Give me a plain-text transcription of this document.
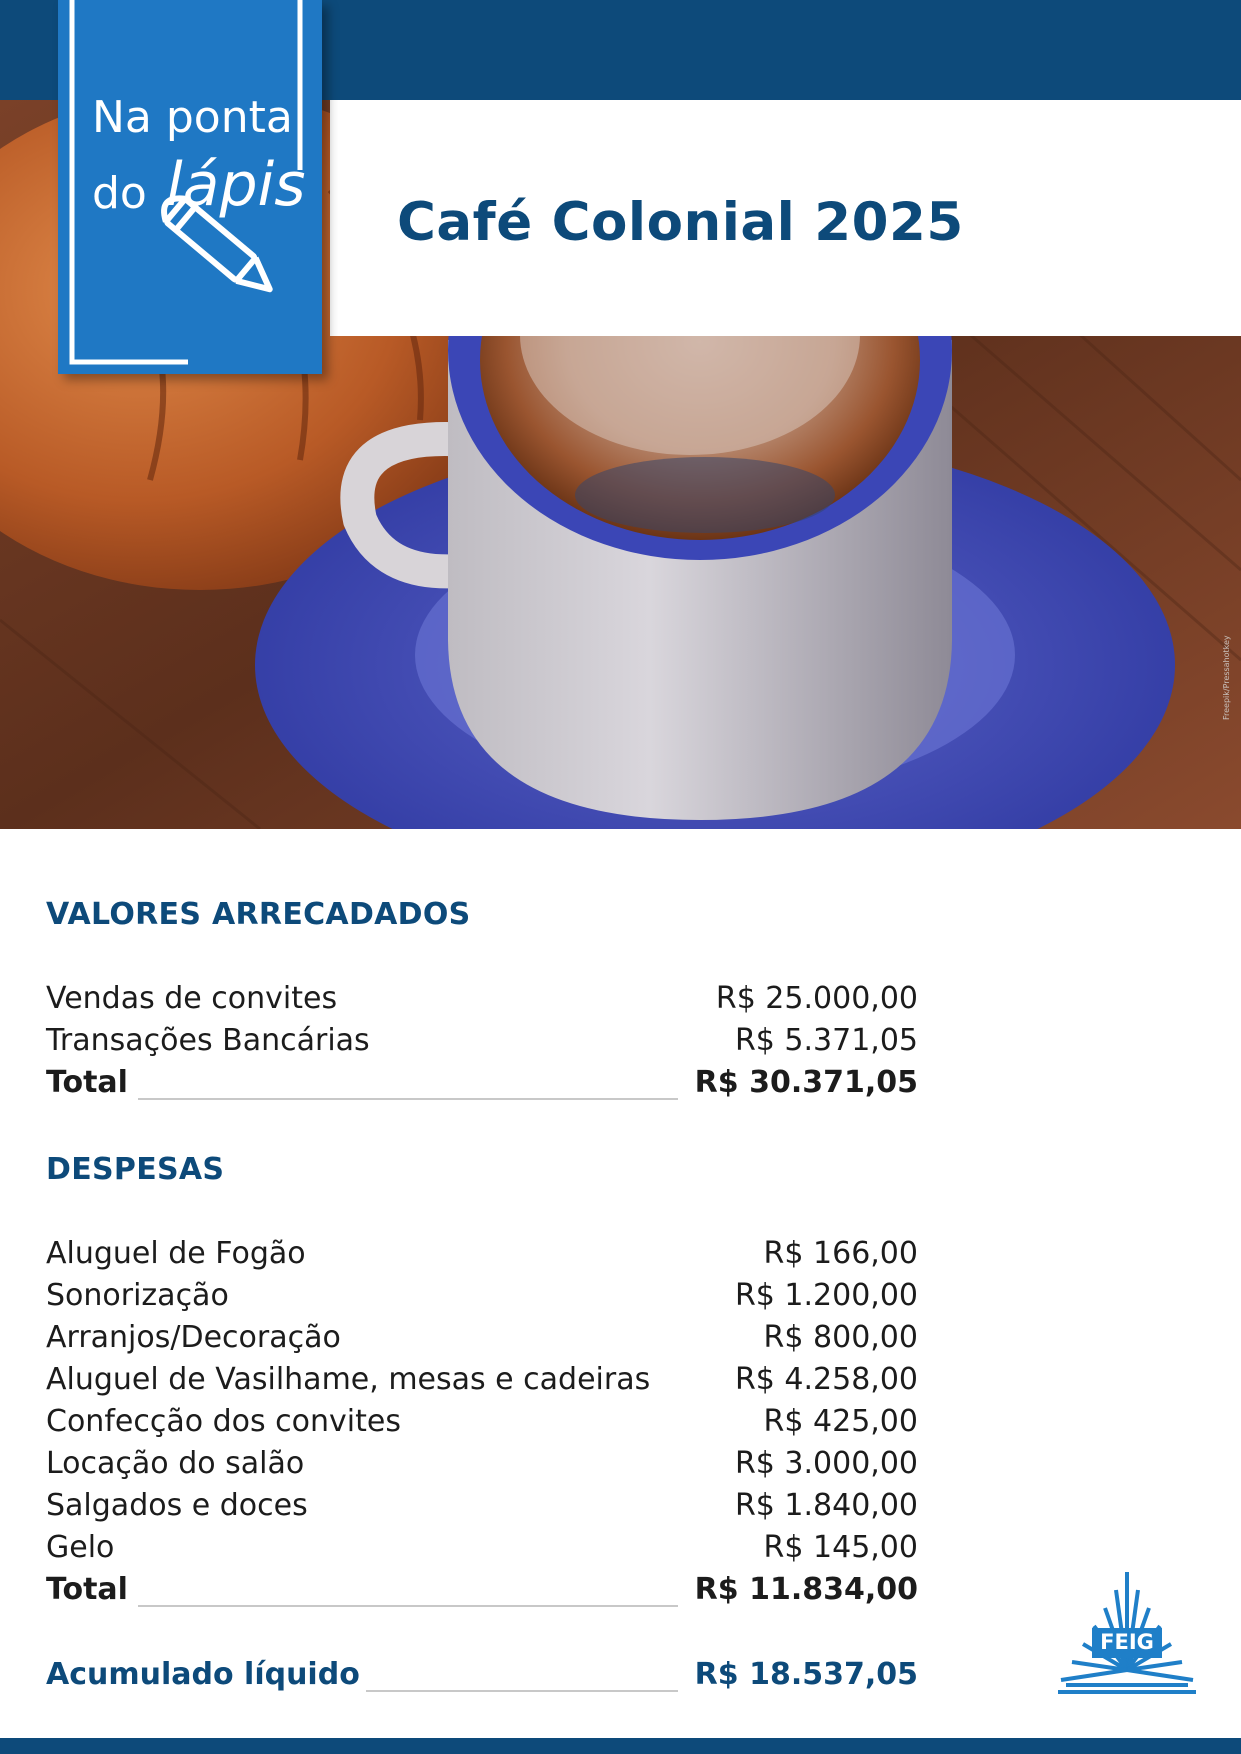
Café Colonial 2025
Na ponta
do lápis
Freepik/Pressahotkey
VALORES ARRECADADOS
Vendas de convites	R$ 25.000,00
Transações Bancárias	R$ 5.371,05
Total	R$ 30.371,05
DESPESAS
Aluguel de Fogão	R$ 166,00
Sonorização	R$ 1.200,00
Arranjos/Decoração	R$ 800,00
Aluguel de Vasilhame, mesas e cadeiras	R$ 4.258,00
Confecção dos convites	R$ 425,00
Locação do salão	R$ 3.000,00
Salgados e doces	R$ 1.840,00
Gelo	R$ 145,00
Total	R$ 11.834,00
Acumulado líquido	R$ 18.537,05
FEIG
